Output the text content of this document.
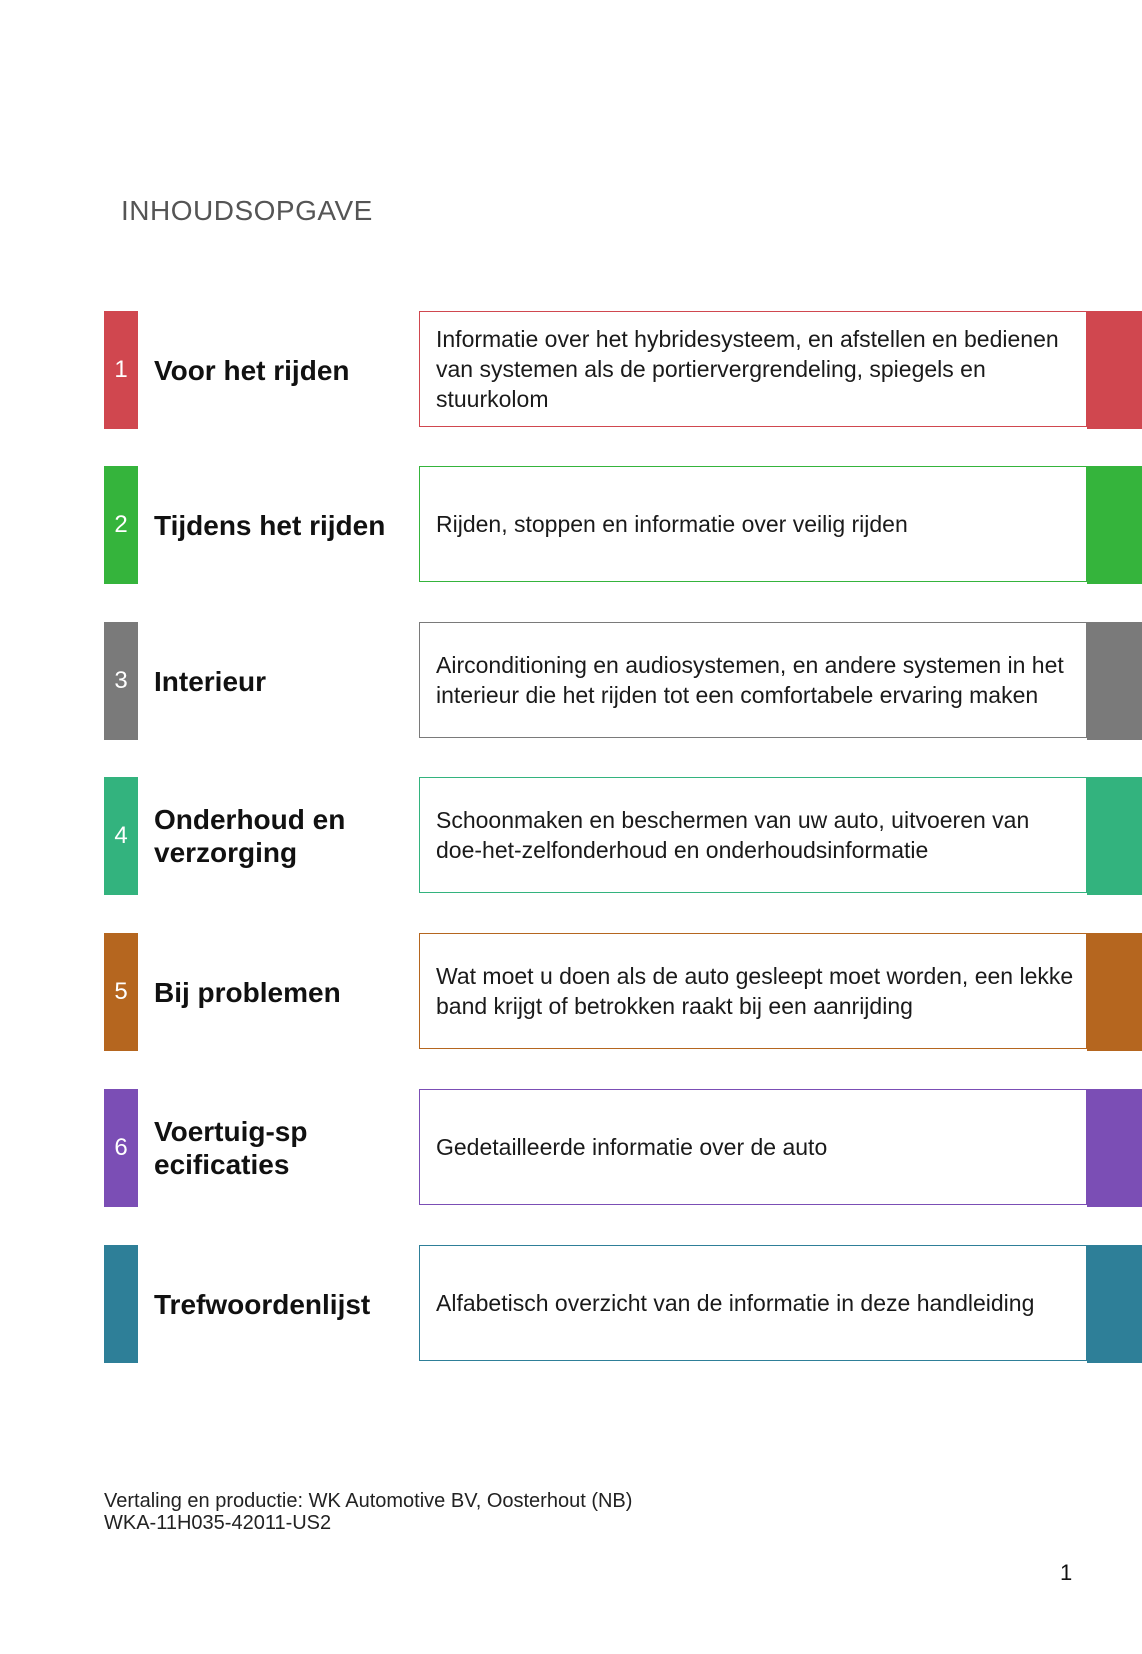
INHOUDSOPGAVE
1 Voor het rijden
Informatie over het hybridesysteem, en afstellen en bedienen van systemen als de portiervergrendeling, spiegels en stuurkolom
2 Tijdens het rijden Rijden, stoppen en informatie over veilig rijden
3 Interieur
Airconditioning en audiosystemen, en andere systemen in het interieur die het rijden tot een comfortabele ervaring maken
4
Onderhoud en verzorging
Schoonmaken en beschermen van uw auto, uitvoeren van doe-het-zelfonderhoud en onderhoudsinformatie
5 Bij problemen
Wat moet u doen als de auto gesleept moet worden, een lekke band krijgt of betrokken raakt bij een aanrijding
6
Voertuig-specificaties
Gedetailleerde informatie over de auto
Trefwoordenlijst	Alfabetisch overzicht van de informatie in deze handleiding
Vertaling en productie: WK Automotive BV, Oosterhout (NB)
WKA-11H035-42011-US2
1
